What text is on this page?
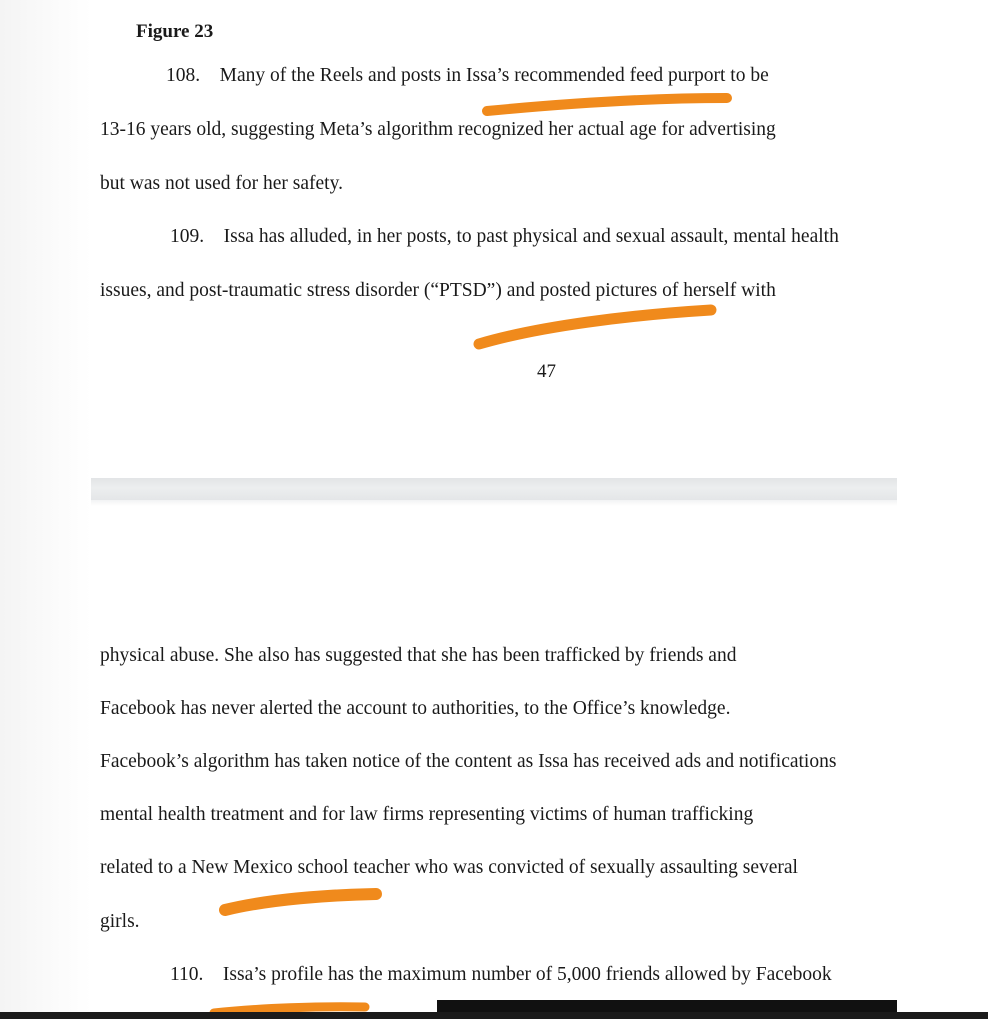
Figure 23
108. Many of the Reels and posts in Issa’s recommended feed purport to be
13-16 years old, suggesting Meta’s algorithm recognized her actual age for advertising
but was not used for her safety.
109. Issa has alluded, in her posts, to past physical and sexual assault, mental health
issues, and post-traumatic stress disorder (“PTSD”) and posted pictures of herself with
47
physical abuse. She also has suggested that she has been trafficked by friends and
Facebook has never alerted the account to authorities, to the Office’s knowledge.
Facebook’s algorithm has taken notice of the content as Issa has received ads and notifications
mental health treatment and for law firms representing victims of human trafficking
related to a New Mexico school teacher who was convicted of sexually assaulting several
girls.
110. Issa’s profile has the maximum number of 5,000 friends allowed by Facebook
